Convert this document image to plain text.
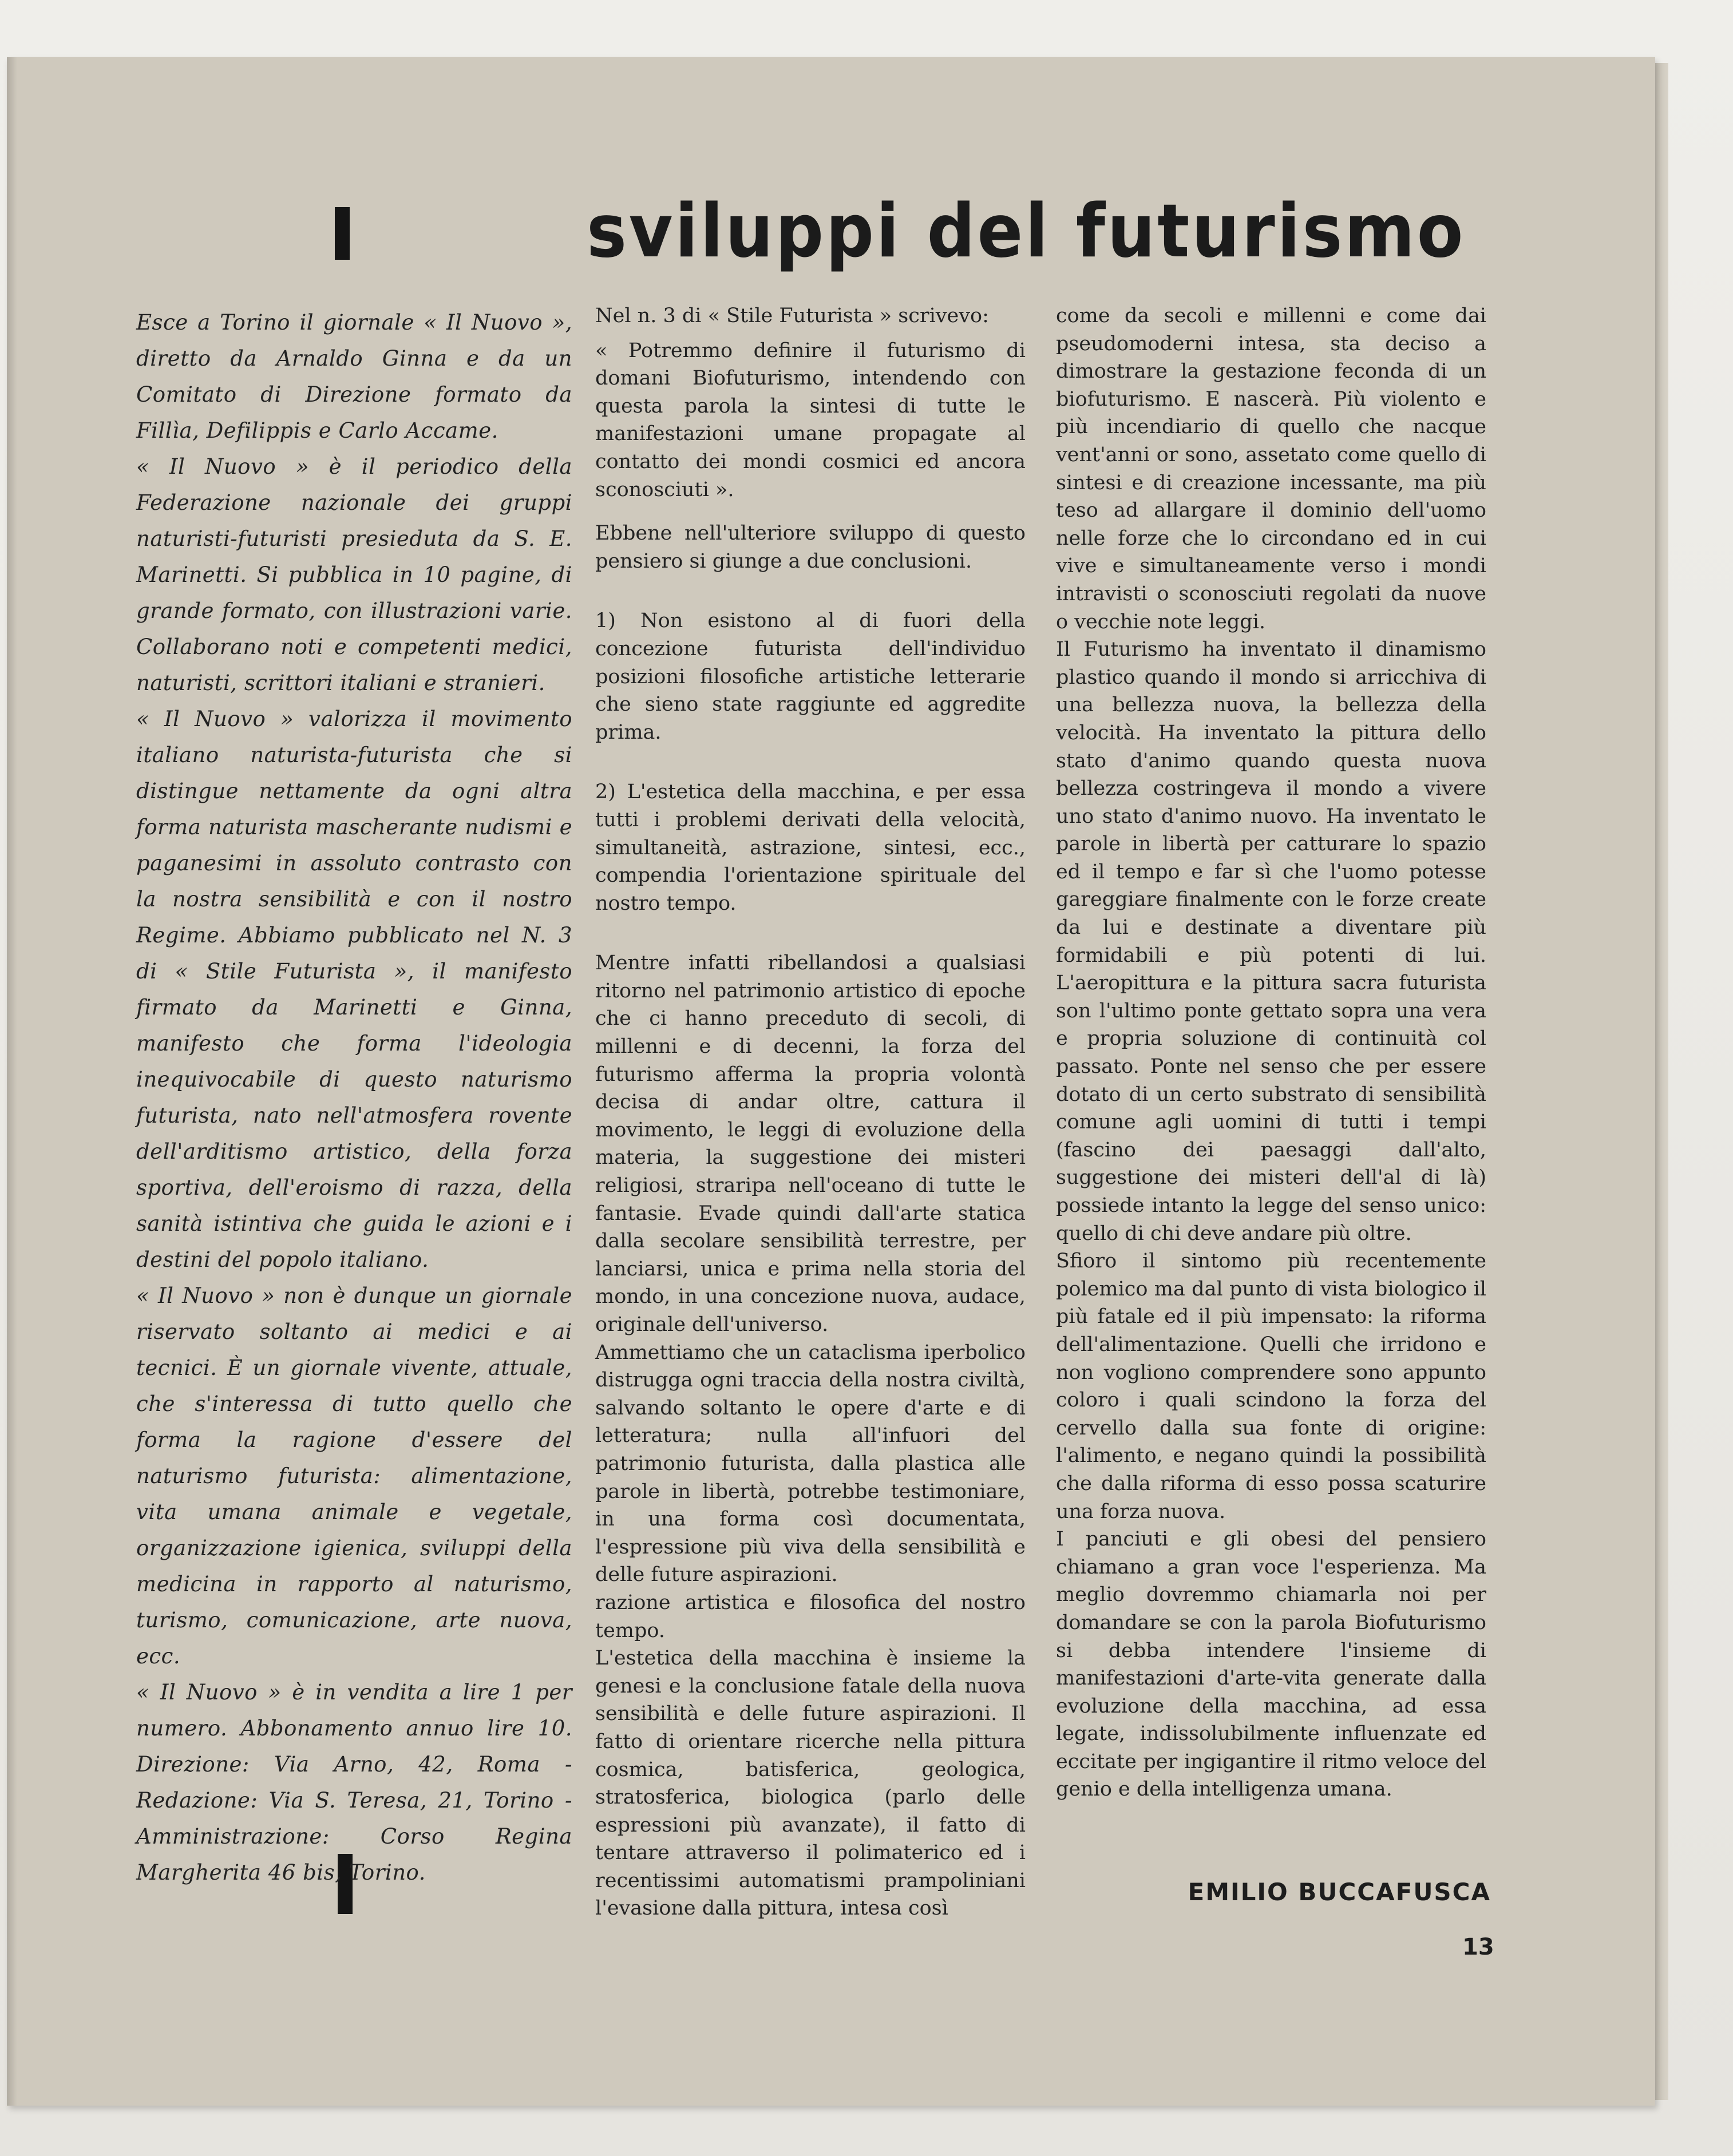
sviluppi del futurismo

Esce a Torino il giornale « Il Nuovo », diretto da Arnaldo Ginna e da un Comitato di Direzione formato da Fillìa, Defilippis e Carlo Accame.

« Il Nuovo » è il periodico della Federazione nazionale dei gruppi naturisti-futuristi presieduta da S. E. Marinetti. Si pubblica in 10 pagine, di grande formato, con illustrazioni varie. Collaborano noti e competenti medici, naturisti, scrittori italiani e stranieri.

« Il Nuovo » valorizza il movimento italiano naturista-futurista che si distingue nettamente da ogni altra forma naturista mascherante nudismi e paganesimi in assoluto contrasto con la nostra sensibilità e con il nostro Regime. Abbiamo pubblicato nel N. 3 di « Stile Futurista », il manifesto firmato da Marinetti e Ginna, manifesto che forma l'ideologia inequivocabile di questo naturismo futurista, nato nell'atmosfera rovente dell'arditismo artistico, della forza sportiva, dell'eroismo di razza, della sanità istintiva che guida le azioni e i destini del popolo italiano.

« Il Nuovo » non è dunque un giornale riservato soltanto ai medici e ai tecnici. È un giornale vivente, attuale, che s'interessa di tutto quello che forma la ragione d'essere del naturismo futurista: alimentazione, vita umana animale e vegetale, organizzazione igienica, sviluppi della medicina in rapporto al naturismo, turismo, comunicazione, arte nuova, ecc.

« Il Nuovo » è in vendita a lire 1 per numero. Abbonamento annuo lire 10. Direzione: Via Arno, 42, Roma - Redazione: Via S. Teresa, 21, Torino - Amministrazione: Corso Regina Margherita 46 bis, Torino.

Nel n. 3 di « Stile Futurista » scrivevo:

« Potremmo definire il futurismo di domani Biofuturismo, intendendo con questa parola la sintesi di tutte le manifestazioni umane propagate al contatto dei mondi cosmici ed ancora sconosciuti ».

Ebbene nell'ulteriore sviluppo di questo pensiero si giunge a due conclusioni.

1) Non esistono al di fuori della concezione futurista dell'individuo posizioni filosofiche artistiche letterarie che sieno state raggiunte ed aggredite prima.

2) L'estetica della macchina, e per essa tutti i problemi derivati della velocità, simultaneità, astrazione, sintesi, ecc., compendia l'orientazione spirituale del nostro tempo.

Mentre infatti ribellandosi a qualsiasi ritorno nel patrimonio artistico di epoche che ci hanno preceduto di secoli, di millenni e di decenni, la forza del futurismo afferma la propria volontà decisa di andar oltre, cattura il movimento, le leggi di evoluzione della materia, la suggestione dei misteri religiosi, straripa nell'oceano di tutte le fantasie. Evade quindi dall'arte statica dalla secolare sensibilità terrestre, per lanciarsi, unica e prima nella storia del mondo, in una concezione nuova, audace, originale dell'universo.

Ammettiamo che un cataclisma iperbolico distrugga ogni traccia della nostra civiltà, salvando soltanto le opere d'arte e di letteratura; nulla all'infuori del patrimonio futurista, dalla plastica alle parole in libertà, potrebbe testimoniare, in una forma così documentata, l'espressione più viva della sensibilità e delle future aspirazioni.

razione artistica e filosofica del nostro tempo.

L'estetica della macchina è insieme la genesi e la conclusione fatale della nuova sensibilità e delle future aspirazioni. Il fatto di orientare ricerche nella pittura cosmica, batisferica, geologica, stratosferica, biologica (parlo delle espressioni più avanzate), il fatto di tentare attraverso il polimaterico ed i recentissimi automatismi prampoliniani l'evasione dalla pittura, intesa così

come da secoli e millenni e come dai pseudomoderni intesa, sta deciso a dimostrare la gestazione feconda di un biofuturismo. E nascerà. Più violento e più incendiario di quello che nacque vent'anni or sono, assetato come quello di sintesi e di creazione incessante, ma più teso ad allargare il dominio dell'uomo nelle forze che lo circondano ed in cui vive e simultaneamente verso i mondi intravisti o sconosciuti regolati da nuove o vecchie note leggi.

Il Futurismo ha inventato il dinamismo plastico quando il mondo si arricchiva di una bellezza nuova, la bellezza della velocità. Ha inventato la pittura dello stato d'animo quando questa nuova bellezza costringeva il mondo a vivere uno stato d'animo nuovo. Ha inventato le parole in libertà per catturare lo spazio ed il tempo e far sì che l'uomo potesse gareggiare finalmente con le forze create da lui e destinate a diventare più formidabili e più potenti di lui. L'aeropittura e la pittura sacra futurista son l'ultimo ponte gettato sopra una vera e propria soluzione di continuità col passato. Ponte nel senso che per essere dotato di un certo substrato di sensibilità comune agli uomini di tutti i tempi (fascino dei paesaggi dall'alto, suggestione dei misteri dell'al di là) possiede intanto la legge del senso unico: quello di chi deve andare più oltre.

Sfioro il sintomo più recentemente polemico ma dal punto di vista biologico il più fatale ed il più impensato: la riforma dell'alimentazione. Quelli che irridono e non vogliono comprendere sono appunto coloro i quali scindono la forza del cervello dalla sua fonte di origine: l'alimento, e negano quindi la possibilità che dalla riforma di esso possa scaturire una forza nuova.

I panciuti e gli obesi del pensiero chiamano a gran voce l'esperienza. Ma meglio dovremmo chiamarla noi per domandare se con la parola Biofuturismo si debba intendere l'insieme di manifestazioni d'arte-vita generate dalla evoluzione della macchina, ad essa legate, indissolubilmente influenzate ed eccitate per ingigantire il ritmo veloce del genio e della intelligenza umana.

EMILIO BUCCAFUSCA
13
